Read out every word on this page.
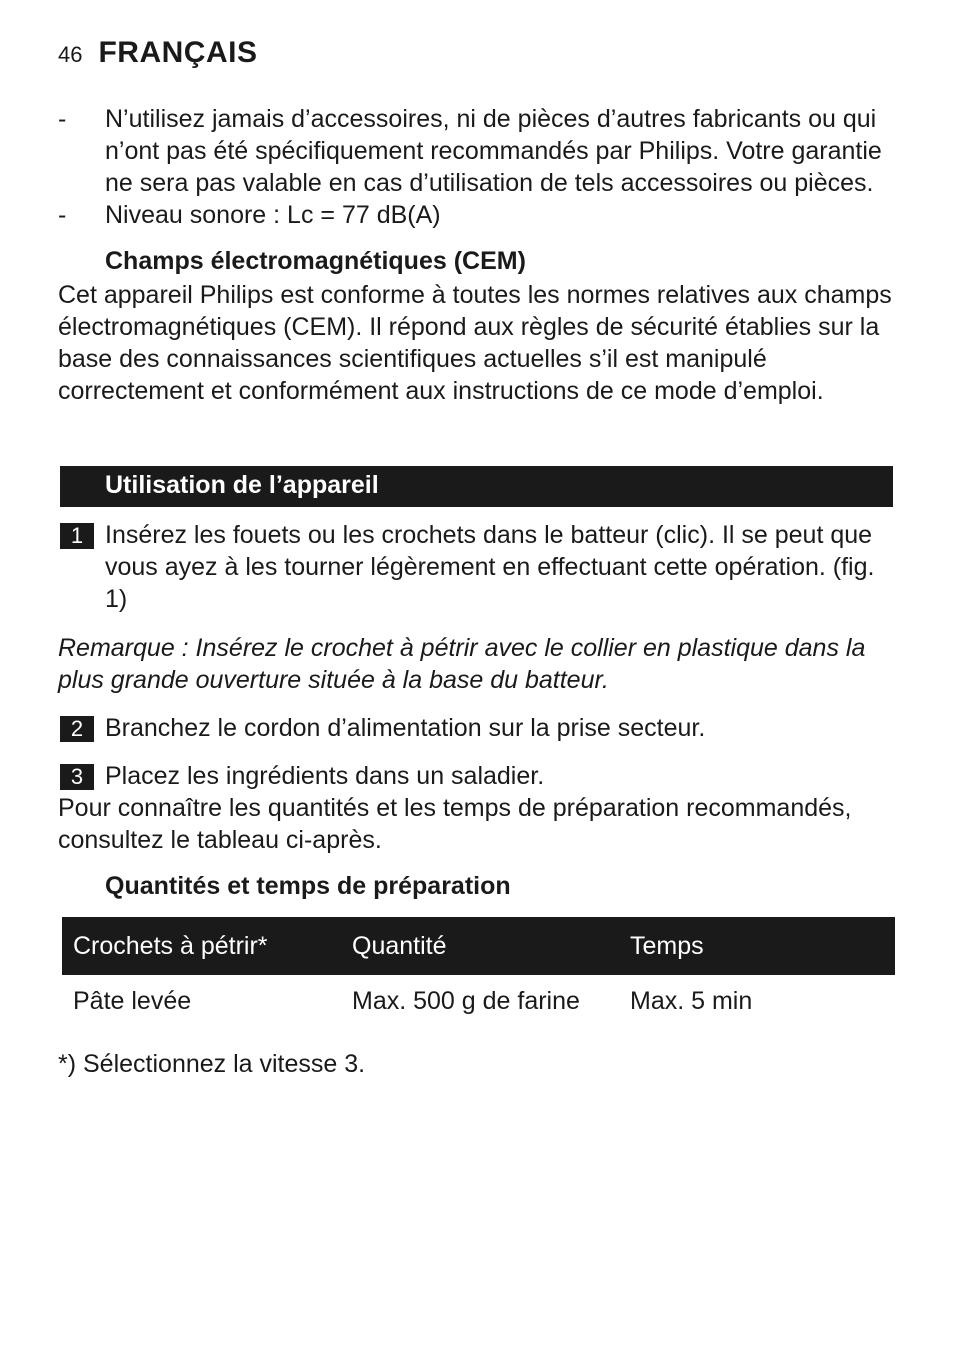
46 FRANÇAIS
- N’utilisez jamais d’accessoires, ni de pièces d’autres fabricants ou qui n’ont pas été spécifiquement recommandés par Philips. Votre garantie ne sera pas valable en cas d’utilisation de tels accessoires ou pièces.
- Niveau sonore : Lc = 77 dB(A)
Champs électromagnétiques (CEM)
Cet appareil Philips est conforme à toutes les normes relatives aux champs électromagnétiques (CEM). Il répond aux règles de sécurité établies sur la base des connaissances scientifiques actuelles s’il est manipulé correctement et conformément aux instructions de ce mode d’emploi.
Utilisation de l’appareil
1 Insérez les fouets ou les crochets dans le batteur (clic). Il se peut que vous ayez à les tourner légèrement en effectuant cette opération. (fig. 1)
Remarque : Insérez le crochet à pétrir avec le collier en plastique dans la plus grande ouverture située à la base du batteur.
2 Branchez le cordon d’alimentation sur la prise secteur.
3 Placez les ingrédients dans un saladier.
Pour connaître les quantités et les temps de préparation recommandés, consultez le tableau ci-après.
Quantités et temps de préparation
Crochets à pétrir*	Quantité	Temps
Pâte levée	Max. 500 g de farine	Max. 5 min
*) Sélectionnez la vitesse 3.
